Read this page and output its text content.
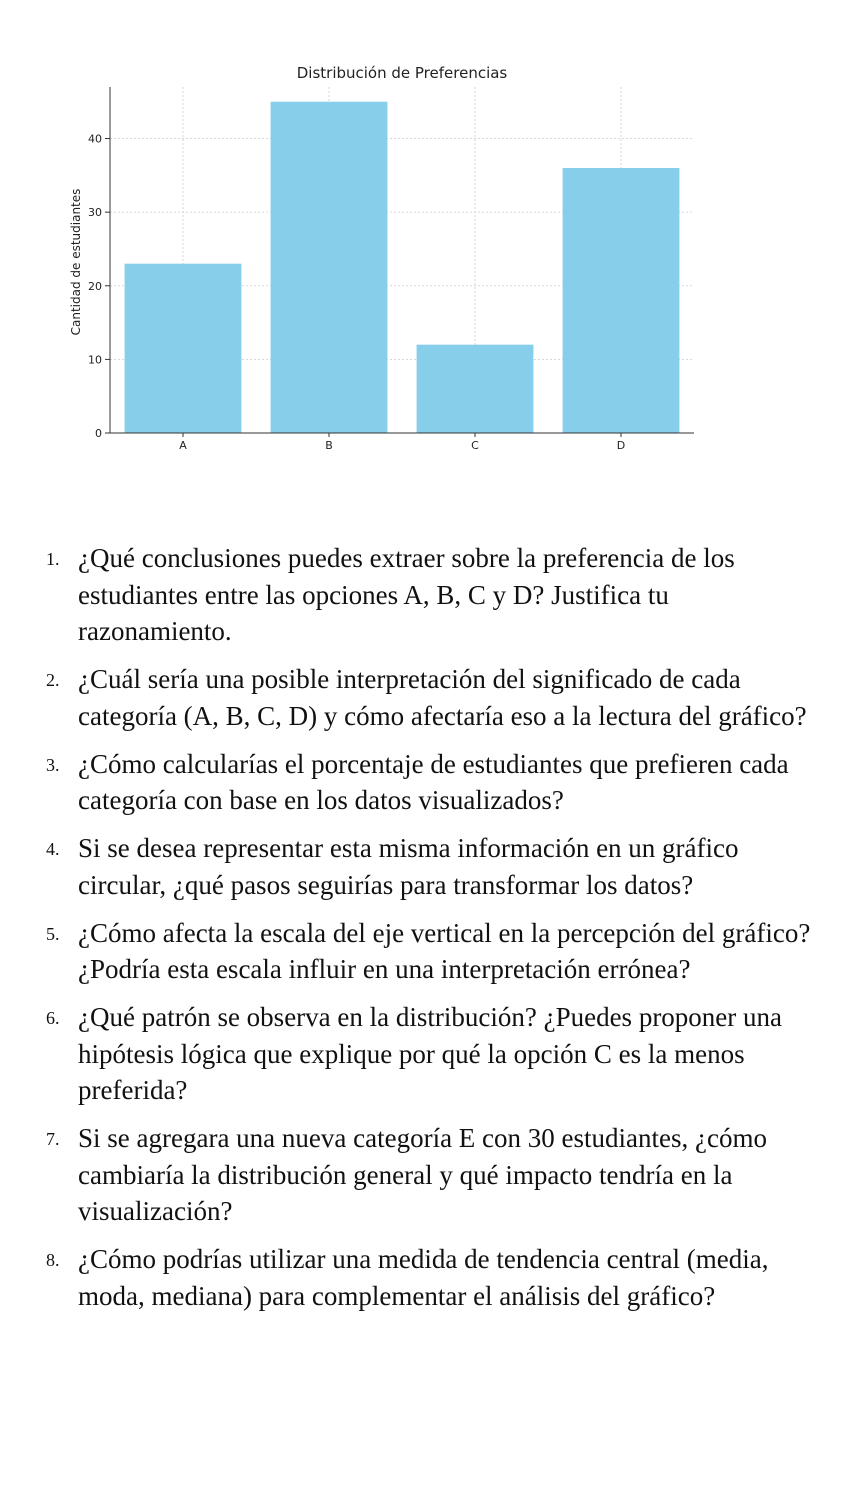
Distribución de Preferencias
Cantidad de estudiantes
0
10
20
30
40
A	B	C	D
1. ¿Qué conclusiones puedes extraer sobre la preferencia de los estudiantes entre las opciones A, B, C y D? Justifica tu razonamiento.
2. ¿Cuál sería una posible interpretación del significado de cada categoría (A, B, C, D) y cómo afectaría eso a la lectura del gráfico?
3. ¿Cómo calcularías el porcentaje de estudiantes que prefieren cada categoría con base en los datos visualizados?
4. Si se desea representar esta misma información en un gráfico circular, ¿qué pasos seguirías para transformar los datos?
5. ¿Cómo afecta la escala del eje vertical en la percepción del gráfico? ¿Podría esta escala influir en una interpretación errónea?
6. ¿Qué patrón se observa en la distribución? ¿Puedes proponer una hipótesis lógica que explique por qué la opción C es la menos preferida?
7. Si se agregara una nueva categoría E con 30 estudiantes, ¿cómo cambiaría la distribución general y qué impacto tendría en la visualización?
8. ¿Cómo podrías utilizar una medida de tendencia central (media, moda, mediana) para complementar el análisis del gráfico?
